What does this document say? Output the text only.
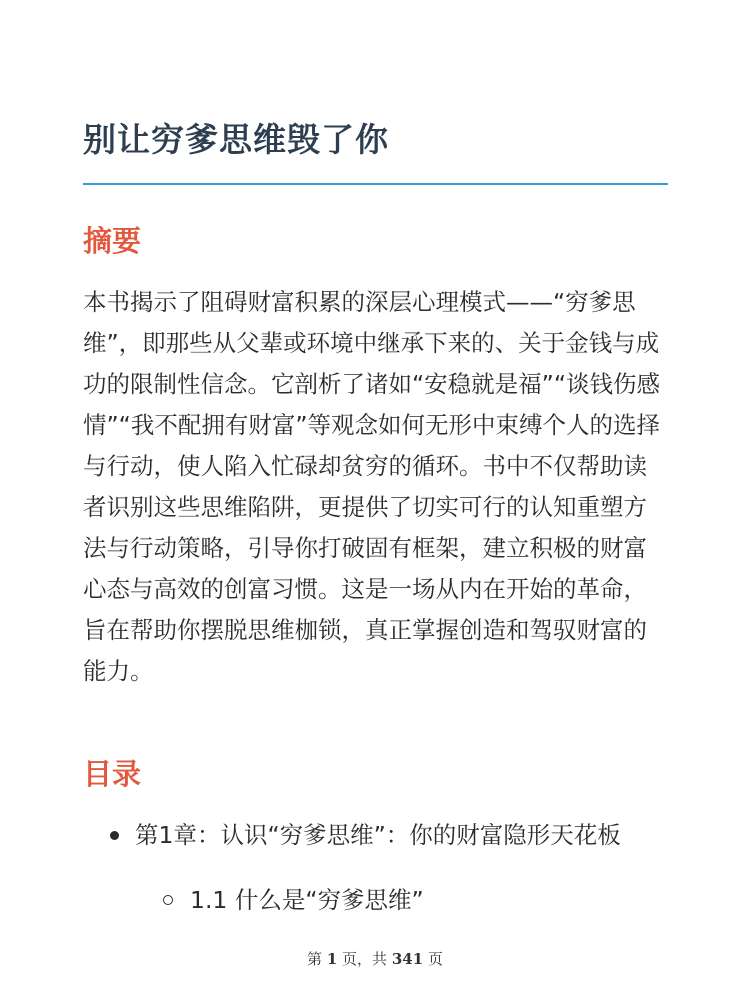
别让穷爹思维毁了你
摘要

本书揭示了阻碍财富积累的深层心理模式——“穷爹思维”，即那些从父辈或环境中继承下来的、关于金钱与成功的限制性信念。它剖析了诸如“安稳就是福”“谈钱伤感情”“我不配拥有财富”等观念如何无形中束缚个人的选择与行动，使人陷入忙碌却贫穷的循环。书中不仅帮助读者识别这些思维陷阱，更提供了切实可行的认知重塑方法与行动策略，引导你打破固有框架，建立积极的财富心态与高效的创富习惯。这是一场从内在开始的革命，旨在帮助你摆脱思维枷锁，真正掌握创造和驾驭财富的能力。

目录
第1章：认识“穷爹思维”：你的财富隐形天花板
1.1 什么是“穷爹思维”
第 1 页，共 341 页
